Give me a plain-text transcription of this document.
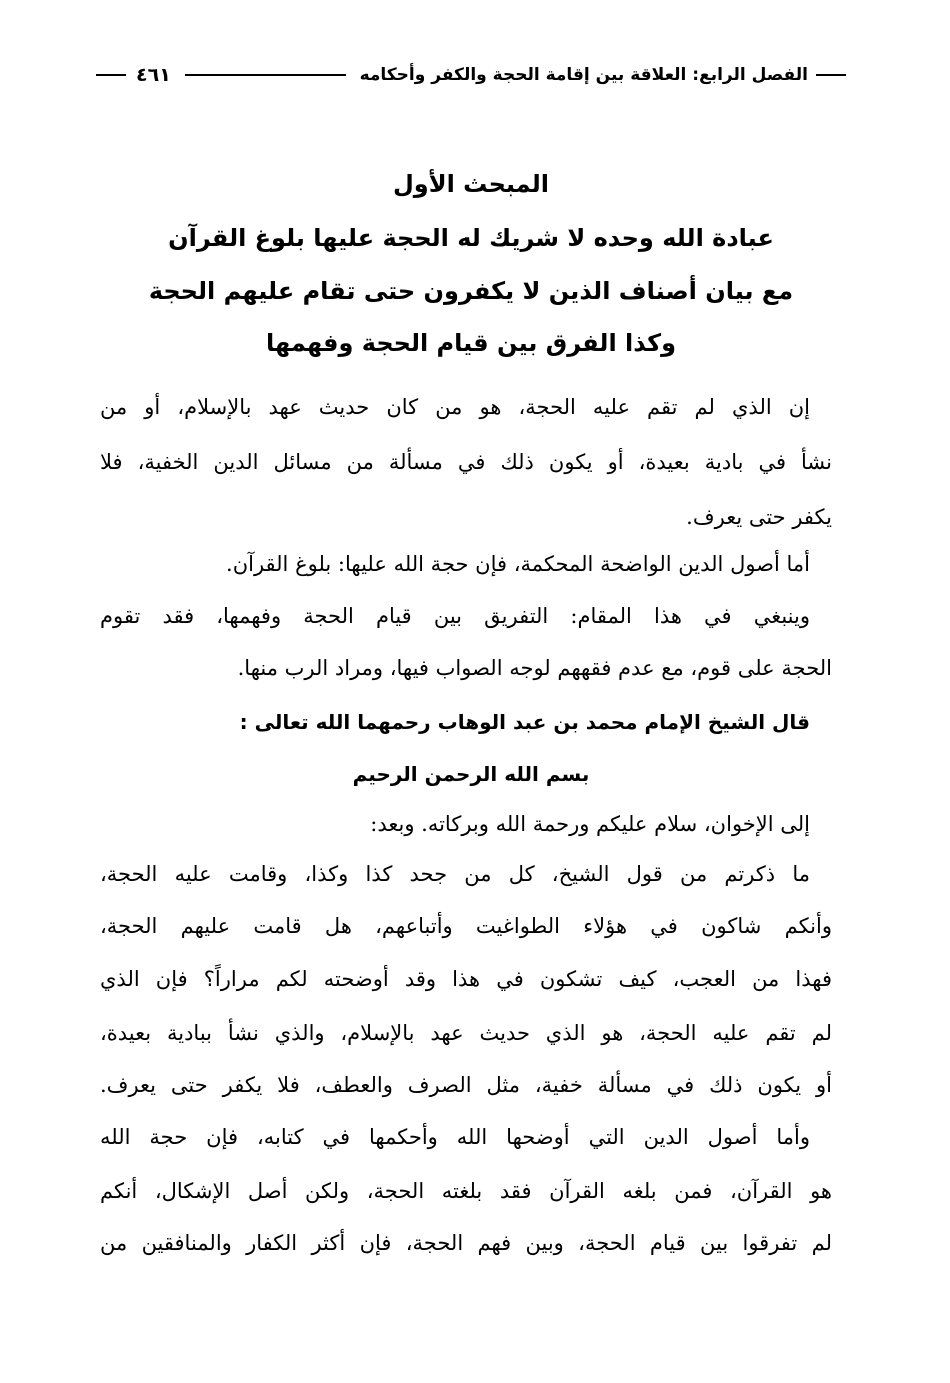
الفصل الرابع: العلاقة بين إقامة الحجة والكفر وأحكامه
٤٦١
المبحث الأول
عبادة الله وحده لا شريك له الحجة عليها بلوغ القرآن
مع بيان أصناف الذين لا يكفرون حتى تقام عليهم الحجة
وكذا الفرق بين قيام الحجة وفهمها
إن الذي لم تقم عليه الحجة، هو من كان حديث عهد بالإسلام، أو من
نشأ في بادية بعيدة، أو يكون ذلك في مسألة من مسائل الدين الخفية، فلا
يكفر حتى يعرف.
أما أصول الدين الواضحة المحكمة، فإن حجة الله عليها: بلوغ القرآن.
وينبغي في هذا المقام: التفريق بين قيام الحجة وفهمها، فقد تقوم
الحجة على قوم، مع عدم فقههم لوجه الصواب فيها، ومراد الرب منها.
قال الشيخ الإمام محمد بن عبد الوهاب رحمهما الله تعالى :
بسم الله الرحمن الرحيم
إلى الإخوان، سلام عليكم ورحمة الله وبركاته. وبعد:
ما ذكرتم من قول الشيخ، كل من جحد كذا وكذا، وقامت عليه الحجة،
وأنكم شاكون في هؤلاء الطواغيت وأتباعهم، هل قامت عليهم الحجة،
فهذا من العجب، كيف تشكون في هذا وقد أوضحته لكم مراراً؟ فإن الذي
لم تقم عليه الحجة، هو الذي حديث عهد بالإسلام، والذي نشأ ببادية بعيدة،
أو يكون ذلك في مسألة خفية، مثل الصرف والعطف، فلا يكفر حتى يعرف.
وأما أصول الدين التي أوضحها الله وأحكمها في كتابه، فإن حجة الله
هو القرآن، فمن بلغه القرآن فقد بلغته الحجة، ولكن أصل الإشكال، أنكم
لم تفرقوا بين قيام الحجة، وبين فهم الحجة، فإن أكثر الكفار والمنافقين من
